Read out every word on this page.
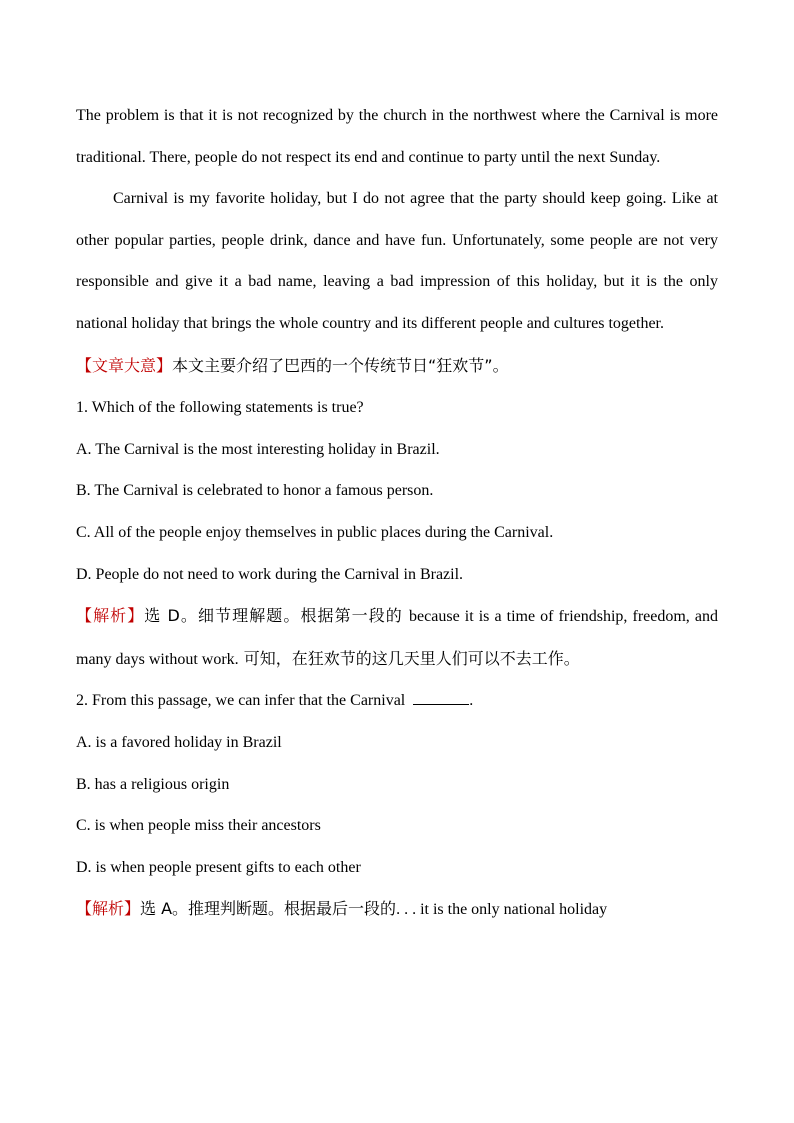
The problem is that it is not recognized by the church in the northwest where the Carnival is more traditional. There, people do not respect its end and continue to party until the next Sunday.

Carnival is my favorite holiday, but I do not agree that the party should keep going. Like at other popular parties, people drink, dance and have fun. Unfortunately, some people are not very responsible and give it a bad name, leaving a bad impression of this holiday, but it is the only national holiday that brings the whole country and its different people and cultures together.

【文章大意】本文主要介绍了巴西的一个传统节日“狂欢节”。

1. Which of the following statements is true?

A. The Carnival is the most interesting holiday in Brazil.

B. The Carnival is celebrated to honor a famous person.

C. All of the people enjoy themselves in public places during the Carnival.

D. People do not need to work during the Carnival in Brazil.

【解析】选 D。细节理解题。根据第一段的 because it is a time of friendship, freedom, and many days without work. 可知，在狂欢节的这几天里人们可以不去工作。

2. From this passage, we can infer that the Carnival	.

A. is a favored holiday in Brazil

B. has a religious origin

C. is when people miss their ancestors

D. is when people present gifts to each other

【解析】选 A。推理判断题。根据最后一段的. . . it is the only national holiday
